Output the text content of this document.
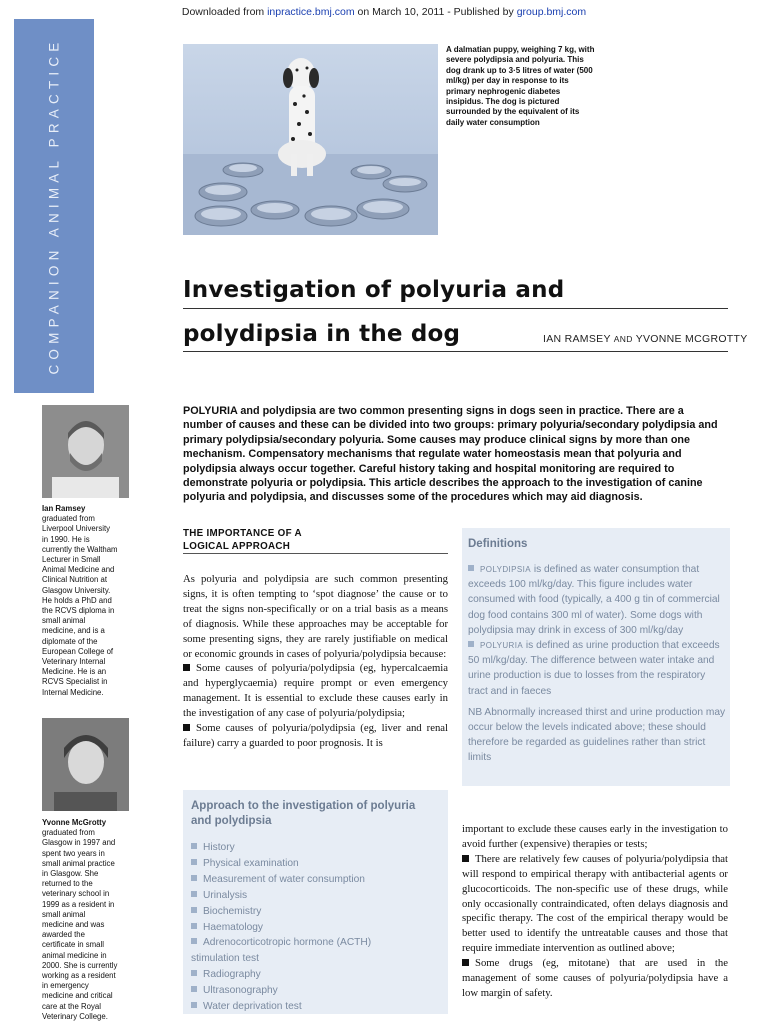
Downloaded from inpractice.bmj.com on March 10, 2011 - Published by group.bmj.com
COMPANION ANIMAL PRACTICE	A dalmatian puppy, weighing 7 kg, with severe polydipsia and polyuria. This dog drank up to 3·5 litres of water (500 ml/kg) per day in response to its primary nephrogenic diabetes insipidus. The dog is pictured surrounded by the equivalent of its daily water consumption
Investigation of polyuria and
polydipsia in the dog	IAN RAMSEY AND YVONNE MCGROTTY
POLYURIA and polydipsia are two common presenting signs in dogs seen in practice. There are a number of causes and these can be divided into two groups: primary polyuria/secondary polydipsia and primary polydipsia/secondary polyuria. Some causes may produce clinical signs by more than one mechanism. Compensatory mechanisms that regulate water homeostasis mean that polyuria and polydipsia always occur together. Careful history taking and hospital monitoring are required to demonstrate polyuria or polydipsia. This article describes the approach to the investigation of canine polyuria and polydipsia, and discusses some of the procedures which may aid diagnosis.
Ian Ramsey
graduated from Liverpool University in 1990. He is currently the Waltham Lecturer in Small Animal Medicine and Clinical Nutrition at Glasgow University. He holds a PhD and the RCVS diploma in small animal medicine, and is a diplomate of the European College of Veterinary Internal Medicine. He is an RCVS Specialist in Internal Medicine.
Yvonne McGrotty
graduated from Glasgow in 1997 and spent two years in small animal practice in Glasgow. She returned to the veterinary school in 1999 as a resident in small animal medicine and was awarded the certificate in small animal medicine in 2000. She is currently working as a resident in emergency medicine and critical care at the Royal Veterinary College.
THE IMPORTANCE OF A
LOGICAL APPROACH
As polyuria and polydipsia are such common presenting signs, it is often tempting to ‘spot diagnose’ the cause or to treat the signs non-specifically or on a trial basis as a means of diagnosis. While these approaches may be acceptable for some presenting signs, they are rarely justifiable on medical or economic grounds in cases of polyuria/polydipsia because:
Some causes of polyuria/polydipsia (eg, hypercalcaemia and hyperglycaemia) require prompt or even emergency management. It is essential to exclude these causes early in the investigation of any case of polyuria/polydipsia;
Some causes of polyuria/polydipsia (eg, liver and renal failure) carry a guarded to poor prognosis. It is
Definitions
POLYDIPSIA is defined as water consumption that exceeds 100 ml/kg/day. This figure includes water consumed with food (typically, a 400 g tin of commercial dog food contains 300 ml of water). Some dogs with polydipsia may drink in excess of 300 ml/kg/day
POLYURIA is defined as urine production that exceeds 50 ml/kg/day. The difference between water intake and urine production is due to losses from the respiratory tract and in faeces
NB Abnormally increased thirst and urine production may occur below the levels indicated above; these should therefore be regarded as guidelines rather than strict limits
Approach to the investigation of polyuria and polydipsia
History
Physical examination
Measurement of water consumption
Urinalysis
Biochemistry
Haematology
Adrenocorticotropic hormone (ACTH)
stimulation test
Radiography
Ultrasonography
Water deprivation test
important to exclude these causes early in the investigation to avoid further (expensive) therapies or tests;
There are relatively few causes of polyuria/polydipsia that will respond to empirical therapy with antibacterial agents or glucocorticoids. The non-specific use of these drugs, while only occasionally contraindicated, often delays diagnosis and specific therapy. The cost of the empirical therapy would be better used to identify the untreatable causes and those that require immediate intervention as outlined above;
Some drugs (eg, mitotane) that are used in the management of some causes of polyuria/polydipsia have a low margin of safety.
